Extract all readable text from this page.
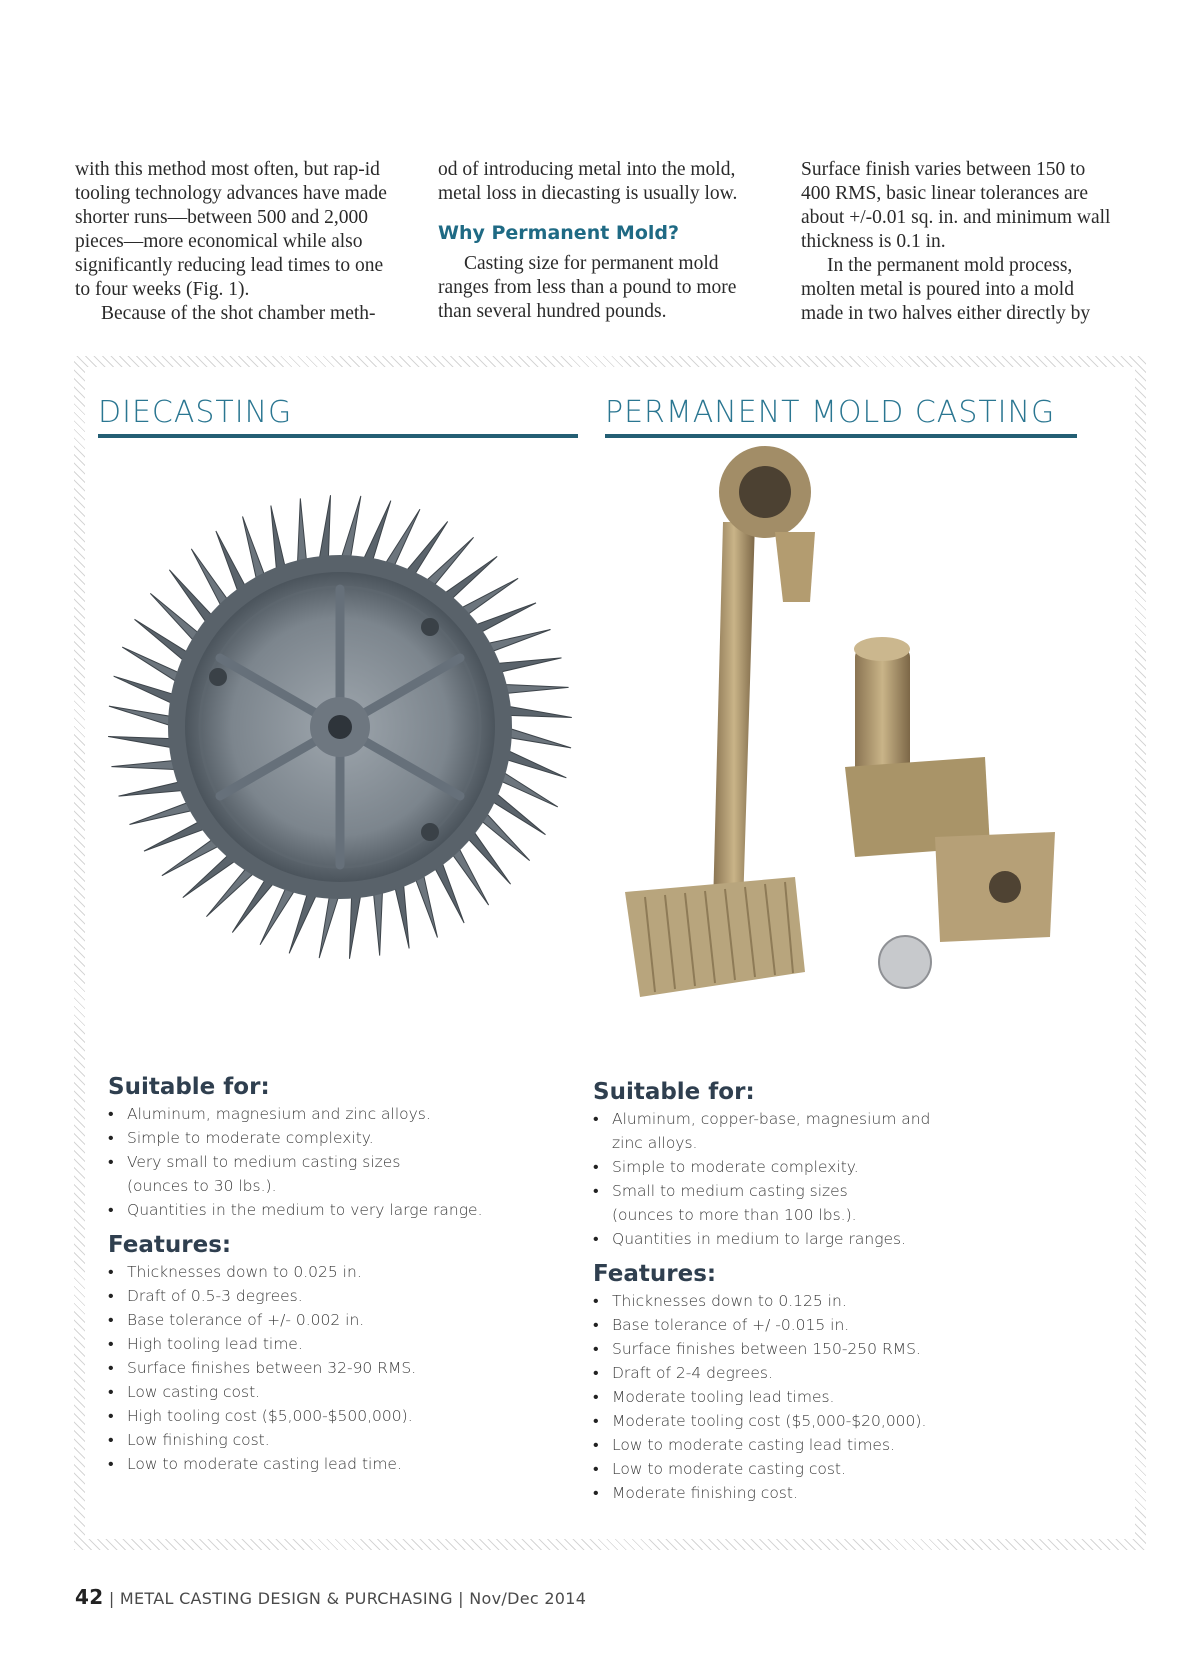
with this method most often, but rap-id tooling technology advances have made shorter runs—between 500 and 2,000 pieces—more economical while also significantly reducing lead times to one to four weeks (Fig. 1).

Because of the shot chamber meth-

od of introducing metal into the mold, metal loss in diecasting is usually low.

Why Permanent Mold?

Casting size for permanent mold ranges from less than a pound to more than several hundred pounds.

Surface finish varies between 150 to 400 RMS, basic linear tolerances are about +/-0.01 sq. in. and minimum wall thickness is 0.1 in.

In the permanent mold process, molten metal is poured into a mold made in two halves either directly by

DIECASTING	PERMANENT MOLD CASTING
Suitable for:
• Aluminum, magnesium and zinc alloys.
• Simple to moderate complexity.
• Very small to medium casting sizes (ounces to 30 lbs.).
• Quantities in the medium to very large range.
Features:
• Thicknesses down to 0.025 in.
• Draft of 0.5-3 degrees.
• Base tolerance of +/- 0.002 in.
• High tooling lead time.
• Surface finishes between 32-90 RMS.
• Low casting cost.
• High tooling cost ($5,000-$500,000).
• Low finishing cost.
• Low to moderate casting lead time.
Suitable for:
• Aluminum, copper-base, magnesium and zinc alloys.
• Simple to moderate complexity.
• Small to medium casting sizes (ounces to more than 100 lbs.).
• Quantities in medium to large ranges.
Features:
• Thicknesses down to 0.125 in.
• Base tolerance of +/ -0.015 in.
• Surface finishes between 150-250 RMS.
• Draft of 2-4 degrees.
• Moderate tooling lead times.
• Moderate tooling cost ($5,000-$20,000).
• Low to moderate casting lead times.
• Low to moderate casting cost.
• Moderate finishing cost.
42 | METAL CASTING DESIGN & PURCHASING | Nov/Dec 2014
